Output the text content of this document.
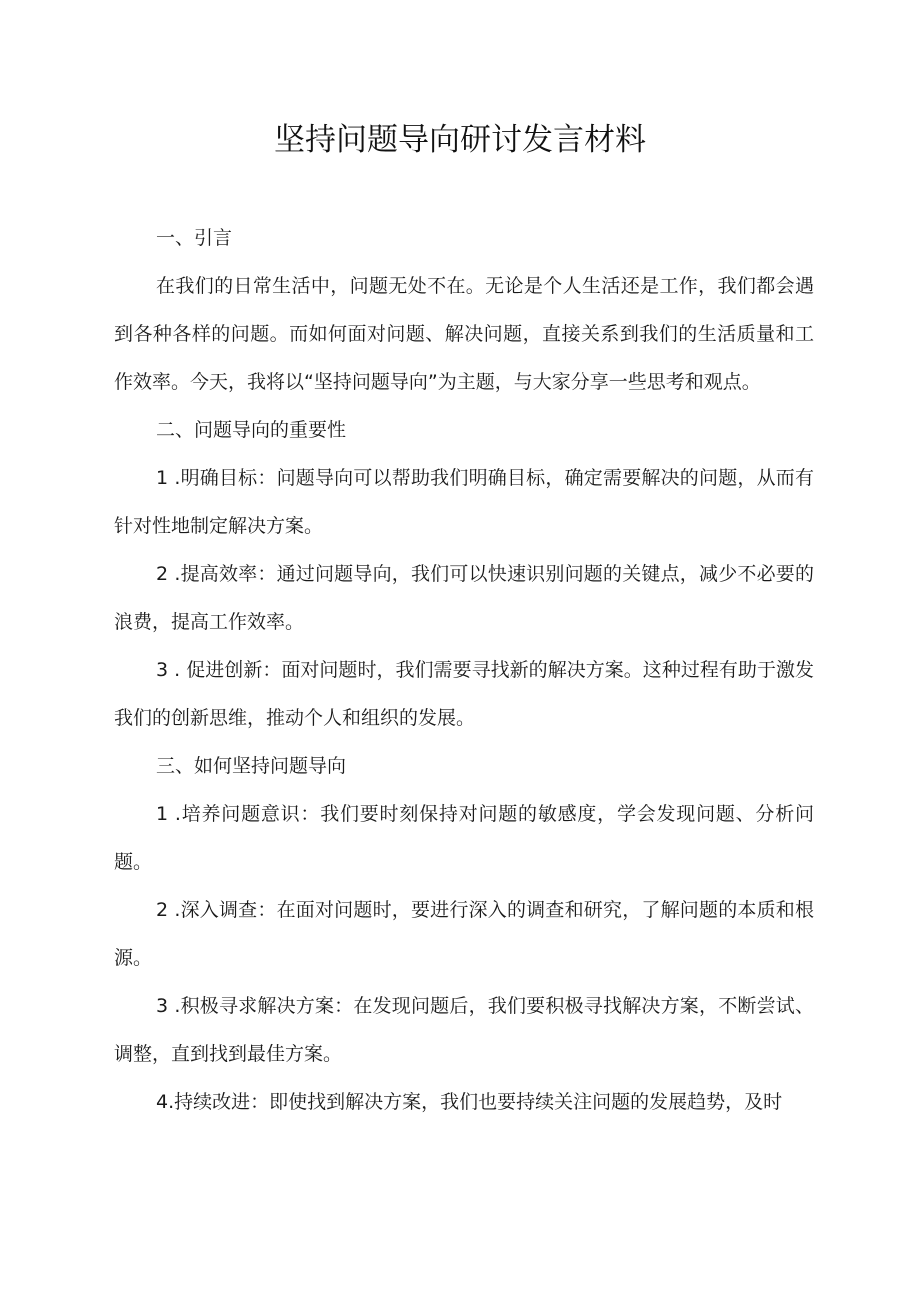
坚持问题导向研讨发言材料

一、引言

在我们的日常生活中，问题无处不在。无论是个人生活还是工作，我们都会遇到各种各样的问题。而如何面对问题、解决问题，直接关系到我们的生活质量和工作效率。今天，我将以“坚持问题导向”为主题，与大家分享一些思考和观点。

二、问题导向的重要性

1 .明确目标：问题导向可以帮助我们明确目标，确定需要解决的问题，从而有针对性地制定解决方案。

2 .提高效率：通过问题导向，我们可以快速识别问题的关键点，减少不必要的浪费，提高工作效率。

3 . 促进创新：面对问题时，我们需要寻找新的解决方案。这种过程有助于激发我们的创新思维，推动个人和组织的发展。

三、如何坚持问题导向

1 .培养问题意识：我们要时刻保持对问题的敏感度，学会发现问题、分析问题。

2 .深入调查：在面对问题时，要进行深入的调查和研究，了解问题的本质和根源。

3 .积极寻求解决方案：在发现问题后，我们要积极寻找解决方案，不断尝试、调整，直到找到最佳方案。

4.持续改进：即使找到解决方案，我们也要持续关注问题的发展趋势，及时
